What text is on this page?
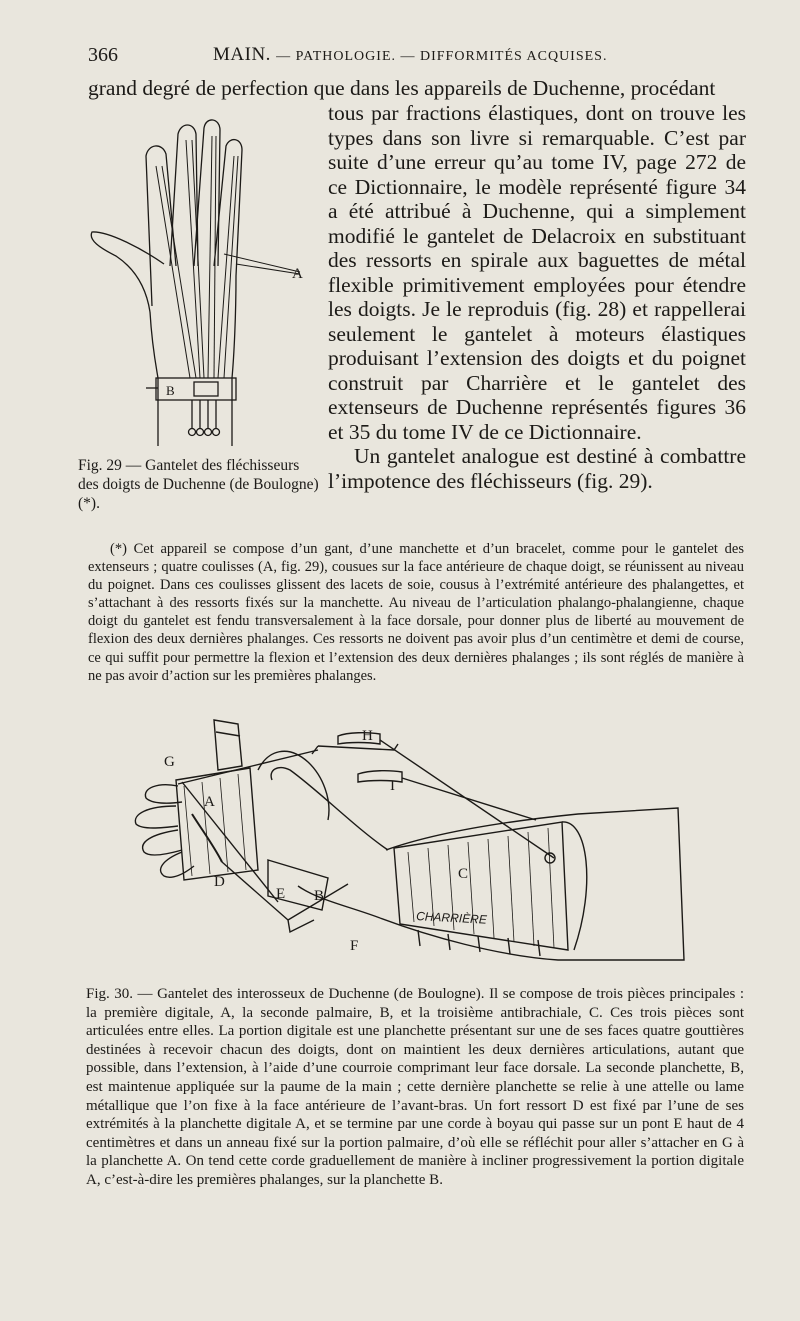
366	MAIN. — PATHOLOGIE. — DIFFORMITÉS ACQUISES.
grand degré de perfection que dans les appareils de Duchenne, procédant
A
B
Fig. 29 — Gantelet des fléchisseurs des doigts de Duchenne (de Boulogne) (*).

tous par fractions élastiques, dont on trouve les types dans son livre si remarquable. C’est par suite d’une erreur qu’au tome IV, page 272 de ce Dictionnaire, le modèle représenté figure 34 a été attribué à Duchenne, qui a simplement modifié le gantelet de Delacroix en substituant des ressorts en spirale aux baguettes de métal flexible primitivement employées pour étendre les doigts. Je le reproduis (fig. 28) et rappellerai seulement le gantelet à moteurs élastiques produisant l’extension des doigts et du poignet construit par Charrière et le gantelet des extenseurs de Duchenne représentés figures 36 et 35 du tome IV de ce Dictionnaire.

Un gantelet analogue est destiné à combattre l’impotence des fléchisseurs (fig. 29).

(*) Cet appareil se compose d’un gant, d’une manchette et d’un bracelet, comme pour le gantelet des extenseurs ; quatre coulisses (A, fig. 29), cousues sur la face antérieure de chaque doigt, se réunissent au niveau du poignet. Dans ces coulisses glissent des lacets de soie, cousus à l’extrémité antérieure des phalangettes, et s’attachant à des ressorts fixés sur la manchette. Au niveau de l’articulation phalango-phalangienne, chaque doigt du gantelet est fendu transversalement à la face dorsale, pour donner plus de liberté au mouvement de flexion des deux dernières phalanges. Ces ressorts ne doivent pas avoir plus d’un centimètre et demi de course, ce qui suffit pour permettre la flexion et l’extension des deux dernières phalanges ; ils sont réglés de manière à ne pas avoir d’action sur les premières phalanges.

A
B
C
D
E
F
G
H
I
CHARRIÈRE

Fig. 30. — Gantelet des interosseux de Duchenne (de Boulogne). Il se compose de trois pièces principales : la première digitale, A, la seconde palmaire, B, et la troisième antibrachiale, C. Ces trois pièces sont articulées entre elles. La portion digitale est une planchette présentant sur une de ses faces quatre gouttières destinées à recevoir chacun des doigts, dont on maintient les deux dernières articulations, autant que possible, dans l’extension, à l’aide d’une courroie comprimant leur face dorsale. La seconde planchette, B, est maintenue appliquée sur la paume de la main ; cette dernière planchette se relie à une attelle ou lame métallique que l’on fixe à la face antérieure de l’avant-bras. Un fort ressort D est fixé par l’une de ses extrémités à la planchette digitale A, et se termine par une corde à boyau qui passe sur un pont E haut de 4 centimètres et dans un anneau fixé sur la portion palmaire, d’où elle se réfléchit pour aller s’attacher en G à la planchette A. On tend cette corde graduellement de manière à incliner progressivement la portion digitale A, c’est-à-dire les premières phalanges, sur la planchette B.
